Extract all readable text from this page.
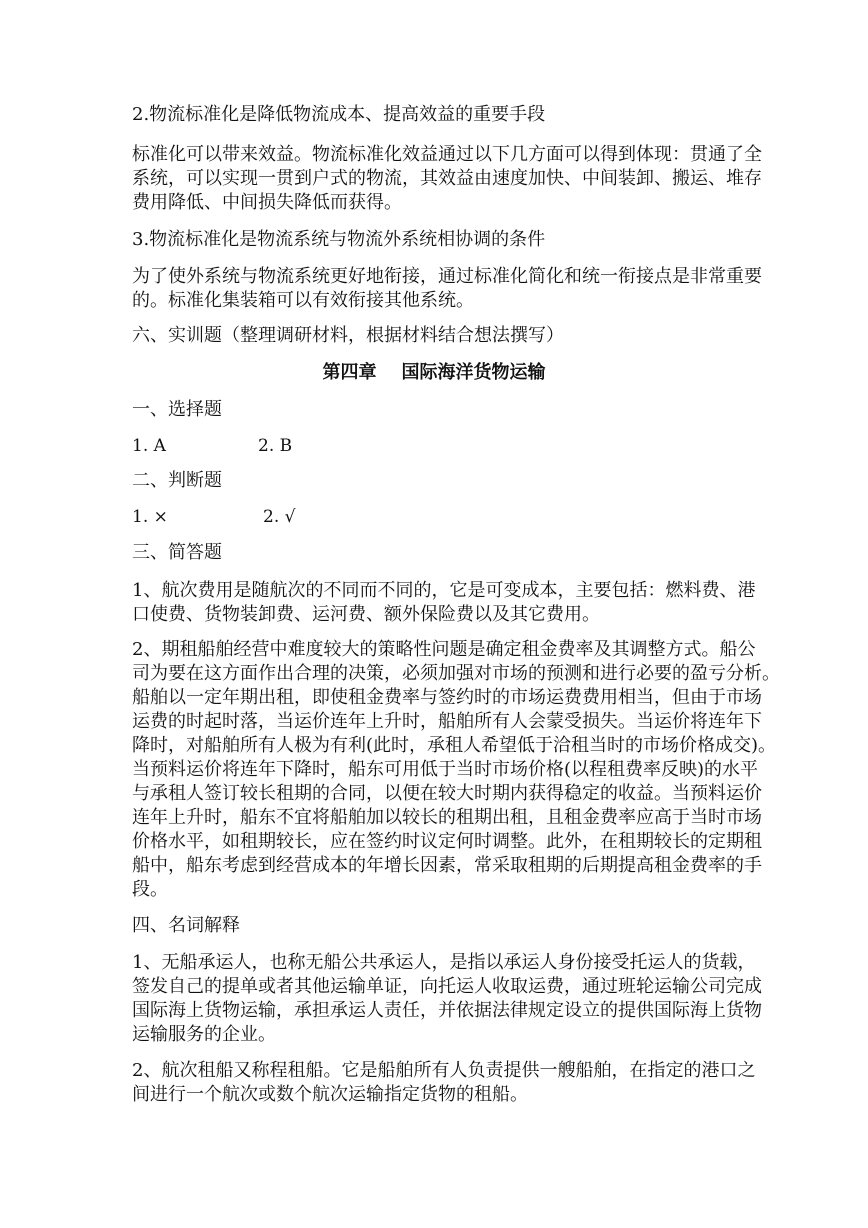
2.物流标准化是降低物流成本、提高效益的重要手段
标准化可以带来效益。物流标准化效益通过以下几方面可以得到体现：贯通了全
系统，可以实现一贯到户式的物流，其效益由速度加快、中间装卸、搬运、堆存
费用降低、中间损失降低而获得。
3.物流标准化是物流系统与物流外系统相协调的条件
为了使外系统与物流系统更好地衔接，通过标准化简化和统一衔接点是非常重要
的。标准化集装箱可以有效衔接其他系统。
六、实训题（整理调研材料，根据材料结合想法撰写）
第四章    国际海洋货物运输
一、选择题
1. A	2. B
二、判断题
1. ×	2. √
三、简答题
1、航次费用是随航次的不同而不同的，它是可变成本，主要包括：燃料费、港
口使费、货物装卸费、运河费、额外保险费以及其它费用。
2、期租船舶经营中难度较大的策略性问题是确定租金费率及其调整方式。船公
司为要在这方面作出合理的决策，必须加强对市场的预测和进行必要的盈亏分析。
船舶以一定年期出租，即使租金费率与签约时的市场运费费用相当，但由于市场
运费的时起时落，当运价连年上升时，船舶所有人会蒙受损失。当运价将连年下
降时，对船舶所有人极为有利(此时，承租人希望低于洽租当时的市场价格成交)。
当预料运价将连年下降时，船东可用低于当时市场价格(以程租费率反映)的水平
与承租人签订较长租期的合同，以便在较大时期内获得稳定的收益。当预料运价
连年上升时，船东不宜将船舶加以较长的租期出租，且租金费率应高于当时市场
价格水平，如租期较长，应在签约时议定何时调整。此外，在租期较长的定期租
船中，船东考虑到经营成本的年增长因素，常采取租期的后期提高租金费率的手
段。
四、名词解释
1、无船承运人，也称无船公共承运人，是指以承运人身份接受托运人的货载，
签发自己的提单或者其他运输单证，向托运人收取运费，通过班轮运输公司完成
国际海上货物运输，承担承运人责任，并依据法律规定设立的提供国际海上货物
运输服务的企业。
2、航次租船又称程租船。它是船舶所有人负责提供一艘船舶，在指定的港口之
间进行一个航次或数个航次运输指定货物的租船。
